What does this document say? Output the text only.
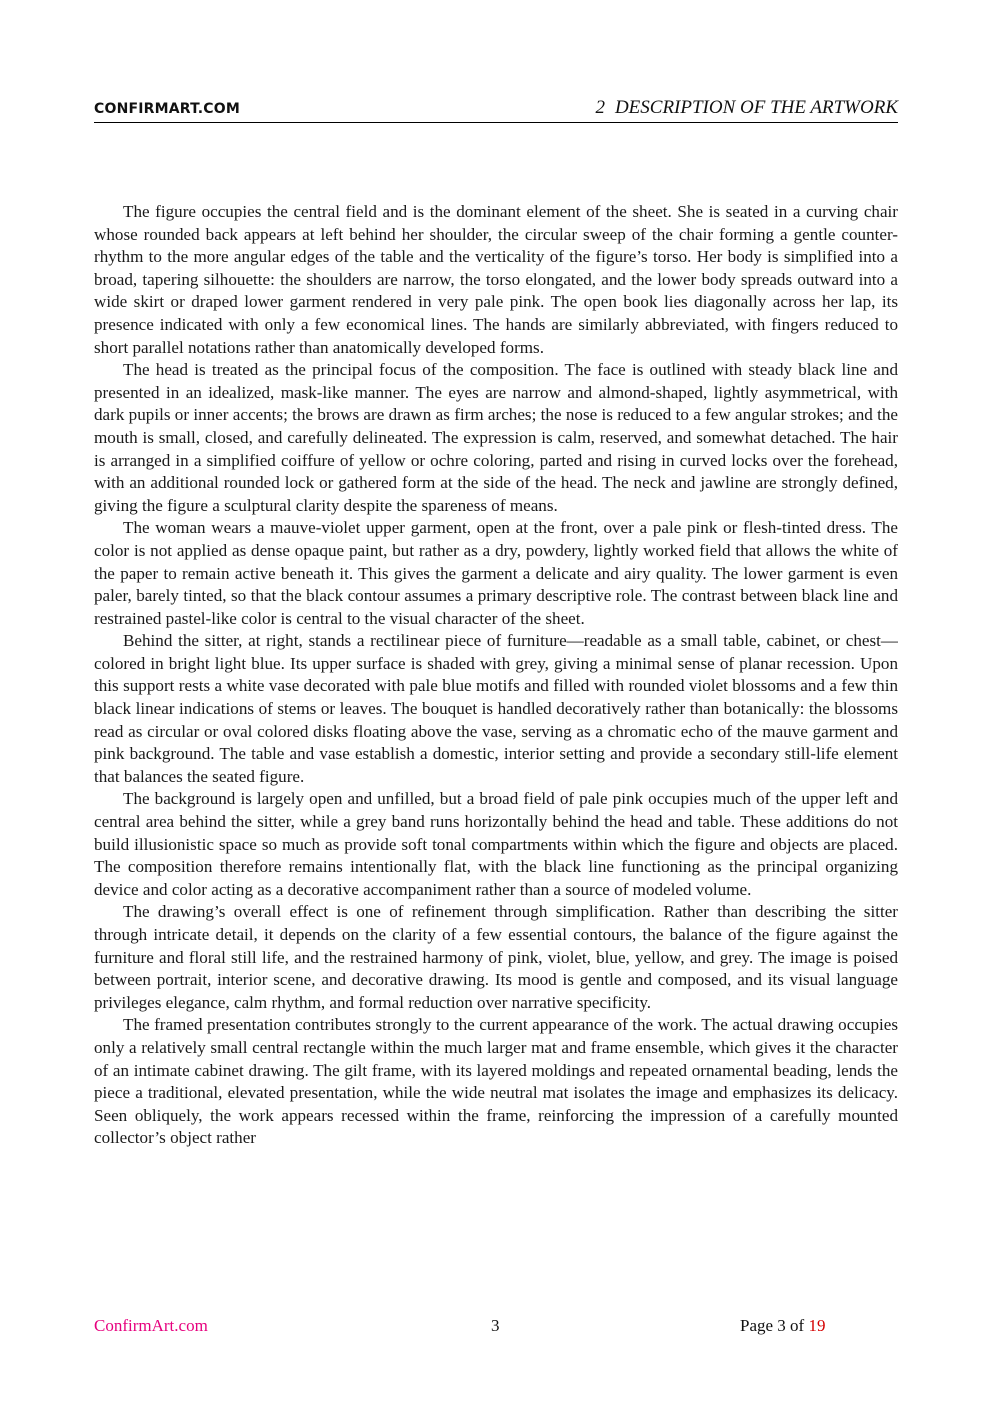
CONFIRMART.COM	2 DESCRIPTION OF THE ARTWORK

The figure occupies the central field and is the dominant element of the sheet. She is seated in a curving chair whose rounded back appears at left behind her shoulder, the circular sweep of the chair forming a gentle counter-rhythm to the more angular edges of the table and the verticality of the figure’s torso. Her body is simplified into a broad, tapering silhouette: the shoulders are narrow, the torso elongated, and the lower body spreads outward into a wide skirt or draped lower garment rendered in very pale pink. The open book lies diagonally across her lap, its presence indicated with only a few economical lines. The hands are similarly abbreviated, with fingers reduced to short parallel notations rather than anatomically developed forms.

The head is treated as the principal focus of the composition. The face is outlined with steady black line and presented in an idealized, mask-like manner. The eyes are narrow and almond-shaped, lightly asymmetrical, with dark pupils or inner accents; the brows are drawn as firm arches; the nose is reduced to a few angular strokes; and the mouth is small, closed, and carefully delineated. The expression is calm, reserved, and somewhat detached. The hair is arranged in a simplified coiffure of yellow or ochre coloring, parted and rising in curved locks over the forehead, with an additional rounded lock or gathered form at the side of the head. The neck and jawline are strongly defined, giving the figure a sculptural clarity despite the spareness of means.

The woman wears a mauve-violet upper garment, open at the front, over a pale pink or flesh-tinted dress. The color is not applied as dense opaque paint, but rather as a dry, powdery, lightly worked field that allows the white of the paper to remain active beneath it. This gives the garment a delicate and airy quality. The lower garment is even paler, barely tinted, so that the black contour assumes a primary descriptive role. The contrast between black line and restrained pastel-like color is central to the visual character of the sheet.

Behind the sitter, at right, stands a rectilinear piece of furniture—readable as a small table, cabinet, or chest—colored in bright light blue. Its upper surface is shaded with grey, giving a minimal sense of planar recession. Upon this support rests a white vase decorated with pale blue motifs and filled with rounded violet blossoms and a few thin black linear indications of stems or leaves. The bouquet is handled decoratively rather than botanically: the blossoms read as circular or oval colored disks floating above the vase, serving as a chromatic echo of the mauve garment and pink background. The table and vase establish a domestic, interior setting and provide a secondary still-life element that balances the seated figure.

The background is largely open and unfilled, but a broad field of pale pink occupies much of the upper left and central area behind the sitter, while a grey band runs horizontally behind the head and table. These additions do not build illusionistic space so much as provide soft tonal compartments within which the figure and objects are placed. The composition therefore remains intentionally flat, with the black line functioning as the principal organizing device and color acting as a decorative accompaniment rather than a source of modeled volume.

The drawing’s overall effect is one of refinement through simplification. Rather than describing the sitter through intricate detail, it depends on the clarity of a few essential contours, the balance of the figure against the furniture and floral still life, and the restrained harmony of pink, violet, blue, yellow, and grey. The image is poised between portrait, interior scene, and decorative drawing. Its mood is gentle and composed, and its visual language privileges elegance, calm rhythm, and formal reduction over narrative specificity.

The framed presentation contributes strongly to the current appearance of the work. The actual drawing occupies only a relatively small central rectangle within the much larger mat and frame ensemble, which gives it the character of an intimate cabinet drawing. The gilt frame, with its layered moldings and repeated ornamental beading, lends the piece a traditional, elevated presentation, while the wide neutral mat isolates the image and emphasizes its delicacy. Seen obliquely, the work appears recessed within the frame, reinforcing the impression of a carefully mounted collector’s object rather

ConfirmArt.com	3	Page 3 of 19
